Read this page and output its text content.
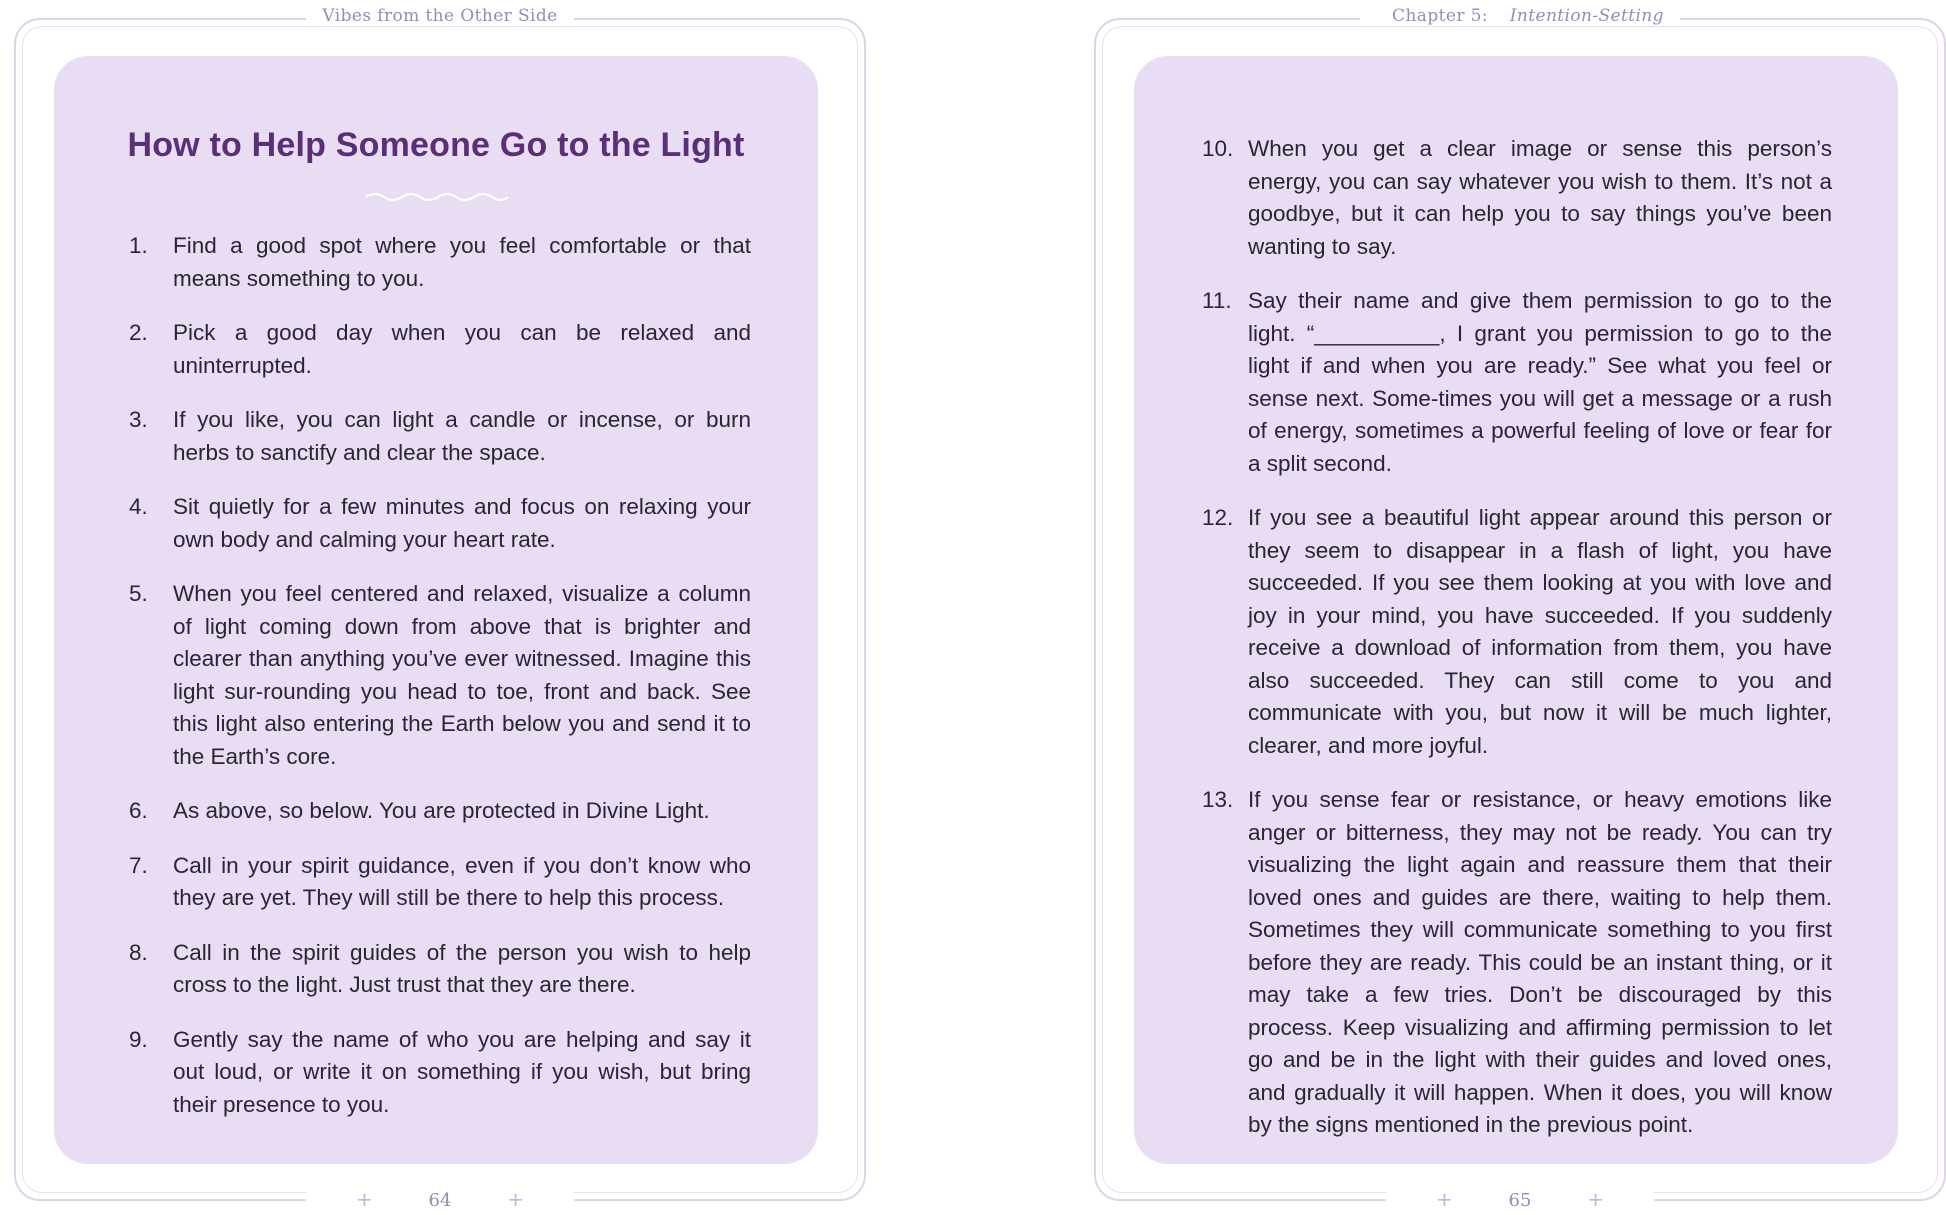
Vibes from the Other Side
How to Help Someone Go to the Light
1. Find a good spot where you feel comfortable or that means something to you.
2. Pick a good day when you can be relaxed and uninterrupted.
3. If you like, you can light a candle or incense, or burn herbs to sanctify and clear the space.
4. Sit quietly for a few minutes and focus on relaxing your own body and calming your heart rate.
5. When you feel centered and relaxed, visualize a column of light coming down from above that is brighter and clearer than anything you’ve ever witnessed. Imagine this light sur-rounding you head to toe, front and back. See this light also entering the Earth below you and send it to the Earth’s core.
6. As above, so below. You are protected in Divine Light.
7. Call in your spirit guidance, even if you don’t know who they are yet. They will still be there to help this process.
8. Call in the spirit guides of the person you wish to help cross to the light. Just trust that they are there.
9. Gently say the name of who you are helping and say it out loud, or write it on something if you wish, but bring their presence to you.
+	64	+
Chapter 5: Intention-Setting
10. When you get a clear image or sense this person’s energy, you can say whatever you wish to them. It’s not a goodbye, but it can help you to say things you’ve been wanting to say.
11. Say their name and give them permission to go to the light. “__________, I grant you permission to go to the light if and when you are ready.” See what you feel or sense next. Some-times you will get a message or a rush of energy, sometimes a powerful feeling of love or fear for a split second.
12. If you see a beautiful light appear around this person or they seem to disappear in a flash of light, you have succeeded. If you see them looking at you with love and joy in your mind, you have succeeded. If you suddenly receive a download of information from them, you have also succeeded. They can still come to you and communicate with you, but now it will be much lighter, clearer, and more joyful.
13. If you sense fear or resistance, or heavy emotions like anger or bitterness, they may not be ready. You can try visualizing the light again and reassure them that their loved ones and guides are there, waiting to help them. Sometimes they will communicate something to you first before they are ready. This could be an instant thing, or it may take a few tries. Don’t be discouraged by this process. Keep visualizing and affirming permission to let go and be in the light with their guides and loved ones, and gradually it will happen. When it does, you will know by the signs mentioned in the previous point.
+	65	+
